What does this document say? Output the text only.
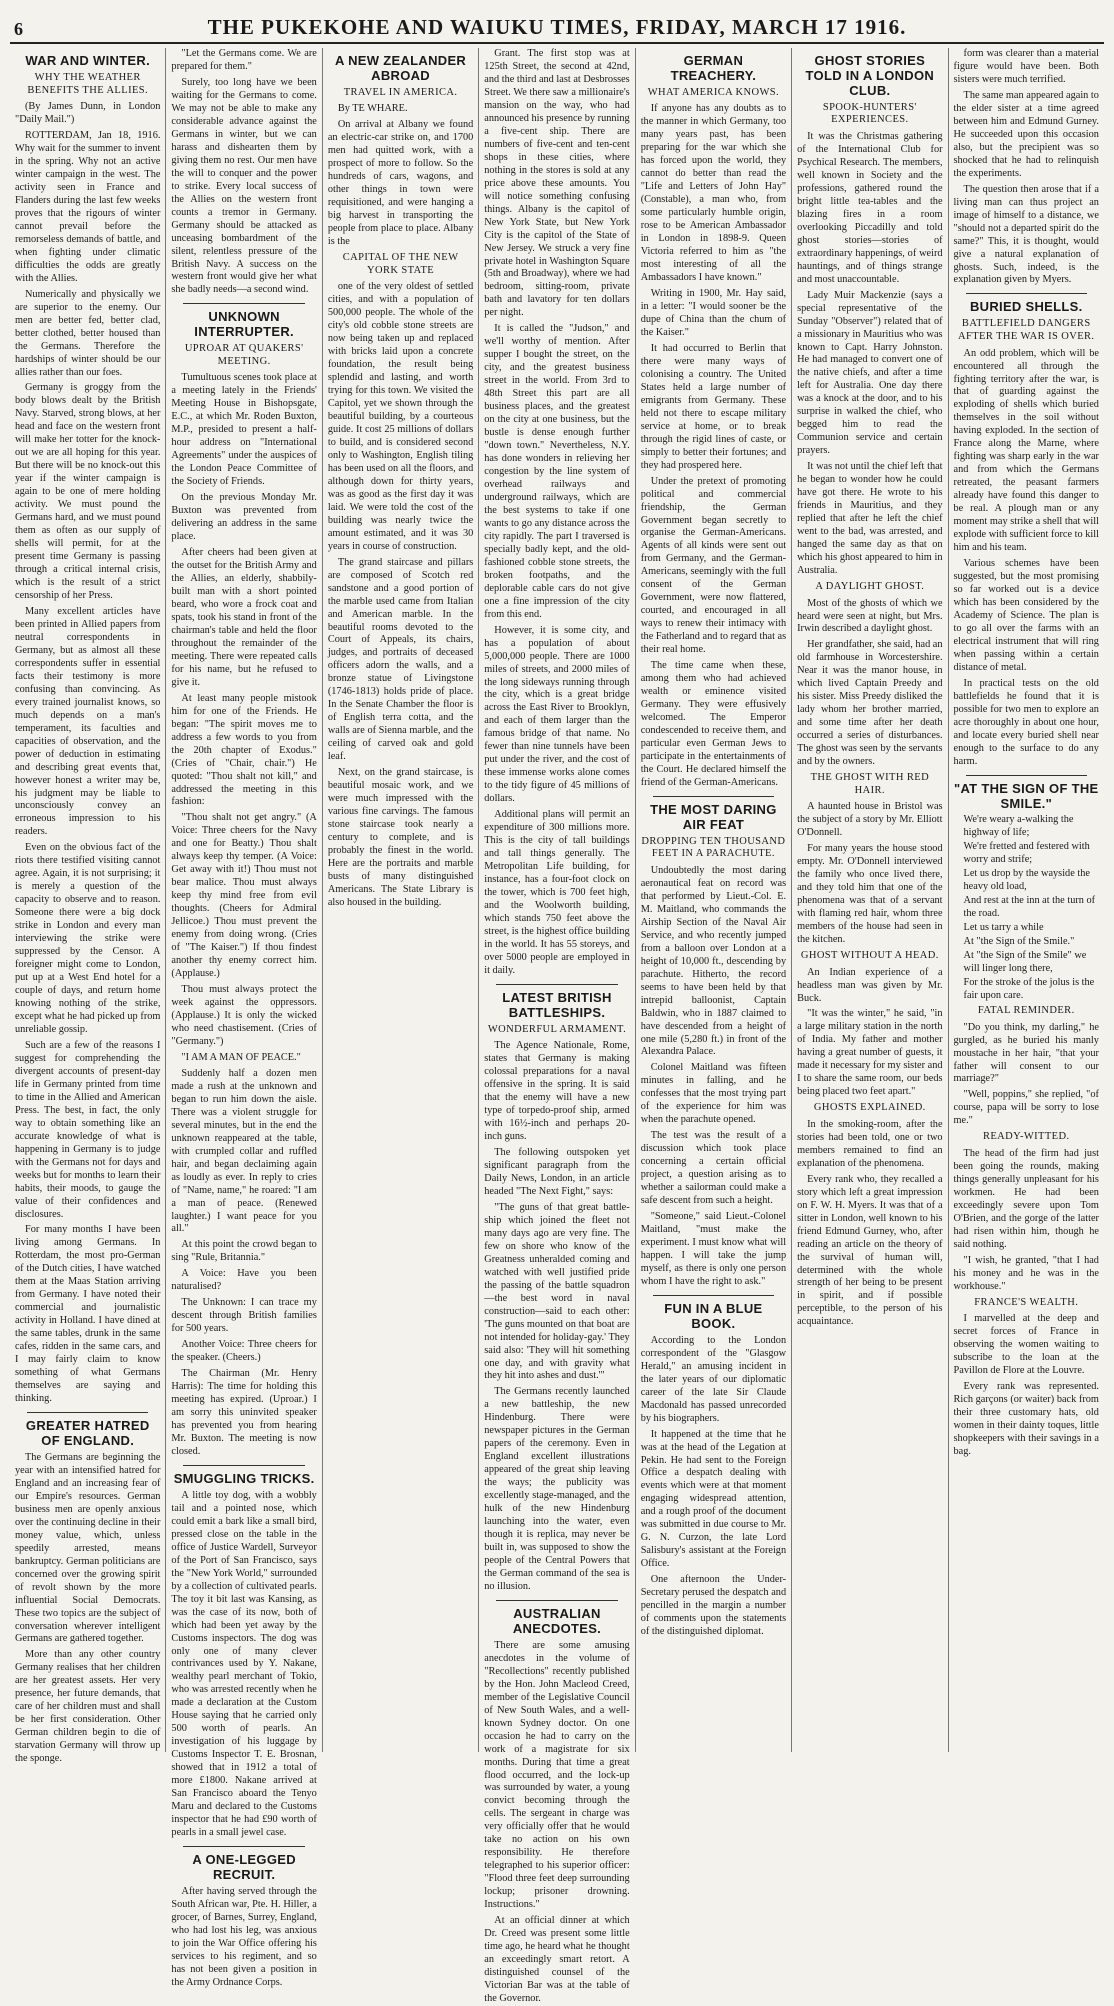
6	THE PUKEKOHE AND WAIUKU TIMES, FRIDAY, MARCH 17 1916.
WAR AND WINTER.
WHY THE WEATHER BENEFITS THE ALLIES.

(By James Dunn, in London "Daily Mail.")

ROTTERDAM, Jan 18, 1916. Why wait for the summer to invent in the spring. Why not an active winter campaign in the west. The activity seen in France and Flanders during the last few weeks proves that the rigours of winter cannot prevail before the remorseless demands of battle, and when fighting under climatic difficulties the odds are greatly with the Allies.

Numerically and physically we are superior to the enemy. Our men are better fed, better clad, better clothed, better housed than the Germans. Therefore the hardships of winter should be our allies rather than our foes.

Germany is groggy from the body blows dealt by the British Navy. Starved, strong blows, at her head and face on the western front will make her totter for the knock-out we are all hoping for this year. But there will be no knock-out this year if the winter campaign is again to be one of mere holding activity. We must pound the Germans hard, and we must pound them as often as our supply of shells will permit, for at the present time Germany is passing through a critical internal crisis, which is the result of a strict censorship of her Press.

Many excellent articles have been printed in Allied papers from neutral correspondents in Germany, but as almost all these correspondents suffer in essential facts their testimony is more confusing than convincing. As every trained journalist knows, so much depends on a man's temperament, its faculties and capacities of observation, and the power of deduction in estimating and describing great events that, however honest a writer may be, his judgment may be liable to unconsciously convey an erroneous impression to his readers.

Even on the obvious fact of the riots there testified visiting cannot agree. Again, it is not surprising; it is merely a question of the capacity to observe and to reason. Someone there were a big dock strike in London and every man interviewing the strike were suppressed by the Censor. A foreigner might come to London, put up at a West End hotel for a couple of days, and return home knowing nothing of the strike, except what he had picked up from unreliable gossip.

Such are a few of the reasons I suggest for comprehending the divergent accounts of present-day life in Germany printed from time to time in the Allied and American Press. The best, in fact, the only way to obtain something like an accurate knowledge of what is happening in Germany is to judge with the Germans not for days and weeks but for months to learn their habits, their moods, to gauge the value of their confidences and disclosures.

For many months I have been living among Germans. In Rotterdam, the most pro-German of the Dutch cities, I have watched them at the Maas Station arriving from Germany. I have noted their commercial and journalistic activity in Holland. I have dined at the same tables, drunk in the same cafes, ridden in the same cars, and I may fairly claim to know something of what Germans themselves are saying and thinking.

GREATER HATRED OF ENGLAND.

The Germans are beginning the year with an intensified hatred for England and an increasing fear of our Empire's resources. German business men are openly anxious over the continuing decline in their money value, which, unless speedily arrested, means bankruptcy. German politicians are concerned over the growing spirit of revolt shown by the more influential Social Democrats. These two topics are the subject of conversation wherever intelligent Germans are gathered together.

More than any other country Germany realises that her children are her greatest assets. Her very presence, her future demands, that care of her children must and shall be her first consideration. Other German children begin to die of starvation Germany will throw up the sponge.

"Let the Germans come. We are prepared for them."

Surely, too long have we been waiting for the Germans to come. We may not be able to make any considerable advance against the Germans in winter, but we can harass and dishearten them by giving them no rest. Our men have the will to conquer and the power to strike. Every local success of the Allies on the western front counts a tremor in Germany. Germany should be attacked as unceasing bombardment of the silent, relentless pressure of the British Navy. A success on the western front would give her what she badly needs—a second wind.

UNKNOWN INTERRUPTER.
UPROAR AT QUAKERS' MEETING.

Tumultuous scenes took place at a meeting lately in the Friends' Meeting House in Bishopsgate, E.C., at which Mr. Roden Buxton, M.P., presided to present a half-hour address on "International Agreements" under the auspices of the London Peace Committee of the Society of Friends.

On the previous Monday Mr. Buxton was prevented from delivering an address in the same place.

After cheers had been given at the outset for the British Army and the Allies, an elderly, shabbily-built man with a short pointed beard, who wore a frock coat and spats, took his stand in front of the chairman's table and held the floor throughout the remainder of the meeting. There were repeated calls for his name, but he refused to give it.

At least many people mistook him for one of the Friends. He began: "The spirit moves me to address a few words to you from the 20th chapter of Exodus." (Cries of "Chair, chair.") He quoted: "Thou shalt not kill," and addressed the meeting in this fashion:

"Thou shalt not get angry." (A Voice: Three cheers for the Navy and one for Beatty.) Thou shalt always keep thy temper. (A Voice: Get away with it!) Thou must not bear malice. Thou must always keep thy mind free from evil thoughts. (Cheers for Admiral Jellicoe.) Thou must prevent the enemy from doing wrong. (Cries of "The Kaiser.") If thou findest another thy enemy correct him. (Applause.)

Thou must always protect the week against the oppressors. (Applause.) It is only the wicked who need chastisement. (Cries of "Germany.")

"I AM A MAN OF PEACE."

Suddenly half a dozen men made a rush at the unknown and began to run him down the aisle. There was a violent struggle for several minutes, but in the end the unknown reappeared at the table, with crumpled collar and ruffled hair, and began declaiming again as loudly as ever. In reply to cries of "Name, name," he roared: "I am a man of peace. (Renewed laughter.) I want peace for you all."

At this point the crowd began to sing "Rule, Britannia."

A Voice: Have you been naturalised?

The Unknown: I can trace my descent through British families for 500 years.

Another Voice: Three cheers for the speaker. (Cheers.)

The Chairman (Mr. Henry Harris): The time for holding this meeting has expired. (Uproar.) I am sorry this uninvited speaker has prevented you from hearing Mr. Buxton. The meeting is now closed.

SMUGGLING TRICKS.

A little toy dog, with a wobbly tail and a pointed nose, which could emit a bark like a small bird, pressed close on the table in the office of Justice Wardell, Surveyor of the Port of San Francisco, says the "New York World," surrounded by a collection of cultivated pearls. The toy it bit last was Kansing, as was the case of its now, both of which had been yet away by the Customs inspectors. The dog was only one of many clever contrivances used by Y. Nakane, wealthy pearl merchant of Tokio, who was arrested recently when he made a declaration at the Custom House saying that he carried only 500 worth of pearls. An investigation of his luggage by Customs Inspector T. E. Brosnan, showed that in 1912 a total of more £1800. Nakane arrived at San Francisco aboard the Tenyo Maru and declared to the Customs inspector that he had £90 worth of pearls in a small jewel case.

A ONE-LEGGED RECRUIT.

After having served through the South African war, Pte. H. Hiller, a grocer, of Barnes, Surrey, England, who had lost his leg, was anxious to join the War Office offering his services to his regiment, and so has not been given a position in the Army Ordnance Corps.

A NEW ZEALANDER ABROAD
TRAVEL IN AMERICA.

By TE WHARE.

On arrival at Albany we found an electric-car strike on, and 1700 men had quitted work, with a prospect of more to follow. So the hundreds of cars, wagons, and other things in town were requisitioned, and were hanging a big harvest in transporting the people from place to place. Albany is the

CAPITAL OF THE NEW YORK STATE

one of the very oldest of settled cities, and with a population of 500,000 people. The whole of the city's old cobble stone streets are now being taken up and replaced with bricks laid upon a concrete foundation, the result being splendid and lasting, and worth trying for this town. We visited the Capitol, yet we shown through the beautiful building, by a courteous guide. It cost 25 millions of dollars to build, and is considered second only to Washington, English tiling has been used on all the floors, and although down for thirty years, was as good as the first day it was laid. We were told the cost of the building was nearly twice the amount estimated, and it was 30 years in course of construction.

The grand staircase and pillars are composed of Scotch red sandstone and a good portion of the marble used came from Italian and American marble. In the beautiful rooms devoted to the Court of Appeals, its chairs, judges, and portraits of deceased officers adorn the walls, and a bronze statue of Livingstone (1746-1813) holds pride of place. In the Senate Chamber the floor is of English terra cotta, and the walls are of Sienna marble, and the ceiling of carved oak and gold leaf.

Next, on the grand staircase, is beautiful mosaic work, and we were much impressed with the various fine carvings. The famous stone staircase took nearly a century to complete, and is probably the finest in the world. Here are the portraits and marble busts of many distinguished Americans. The State Library is also housed in the building.

Grant. The first stop was at 125th Street, the second at 42nd, and the third and last at Desbrosses Street. We there saw a millionaire's mansion on the way, who had announced his presence by running a five-cent ship. There are numbers of five-cent and ten-cent shops in these cities, where nothing in the stores is sold at any price above these amounts. You will notice something confusing things. Albany is the capitol of New York State, but New York City is the capitol of the State of New Jersey. We struck a very fine private hotel in Washington Square (5th and Broadway), where we had bedroom, sitting-room, private bath and lavatory for ten dollars per night.

It is called the "Judson," and we'll worthy of mention. After supper I bought the street, on the city, and the greatest business street in the world. From 3rd to 48th Street this part are all business places, and the greatest on the city at one business, but the bustle is dense enough further "down town." Nevertheless, N.Y. has done wonders in relieving her congestion by the line system of overhead railways and underground railways, which are the best systems to take if one wants to go any distance across the city rapidly. The part I traversed is specially badly kept, and the old-fashioned cobble stone streets, the broken footpaths, and the deplorable cable cars do not give one a fine impression of the city from this end.

However, it is some city, and has a population of about 5,000,000 people. There are 1000 miles of streets, and 2000 miles of the long sideways running through the city, which is a great bridge across the East River to Brooklyn, and each of them larger than the famous bridge of that name. No fewer than nine tunnels have been put under the river, and the cost of these immense works alone comes to the tidy figure of 45 millions of dollars.

Additional plans will permit an expenditure of 300 millions more. This is the city of tall buildings and tall things generally. The Metropolitan Life building, for instance, has a four-foot clock on the tower, which is 700 feet high, and the Woolworth building, which stands 750 feet above the street, is the highest office building in the world. It has 55 storeys, and over 5000 people are employed in it daily.

LATEST BRITISH BATTLESHIPS.
WONDERFUL ARMAMENT.

The Agence Nationale, Rome, states that Germany is making colossal preparations for a naval offensive in the spring. It is said that the enemy will have a new type of torpedo-proof ship, armed with 16½-inch and perhaps 20-inch guns.

The following outspoken yet significant paragraph from the Daily News, London, in an article headed "The Next Fight," says:

"The guns of that great battle-ship which joined the fleet not many days ago are very fine. The few on shore who know of the Greatness unheralded coming and watched with well justified pride the passing of the battle squadron—the best word in naval construction—said to each other: 'The guns mounted on that boat are not intended for holiday-gay.' They said also: 'They will hit something one day, and with gravity what they hit into ashes and dust.'"

The Germans recently launched a new battleship, the new Hindenburg. There were newspaper pictures in the German papers of the ceremony. Even in England excellent illustrations appeared of the great ship leaving the ways; the publicity was excellently stage-managed, and the hulk of the new Hindenburg launching into the water, even though it is replica, may never be built in, was supposed to show the people of the Central Powers that the German command of the sea is no illusion.

AUSTRALIAN ANECDOTES.

There are some amusing anecdotes in the volume of "Recollections" recently published by the Hon. John Macleod Creed, member of the Legislative Council of New South Wales, and a well-known Sydney doctor. On one occasion he had to carry on the work of a magistrate for six months. During that time a great flood occurred, and the lock-up was surrounded by water, a young convict becoming through the cells. The sergeant in charge was very officially offer that he would take no action on his own responsibility. He therefore telegraphed to his superior officer: "Flood three feet deep surrounding lockup; prisoner drowning. Instructions."

At an official dinner at which Dr. Creed was present some little time ago, he heard what he thought an exceedingly smart retort. A distinguished counsel of the Victorian Bar was at the table of the Governor.

GERMAN TREACHERY.
WHAT AMERICA KNOWS.

If anyone has any doubts as to the manner in which Germany, too many years past, has been preparing for the war which she has forced upon the world, they cannot do better than read the "Life and Letters of John Hay" (Constable), a man who, from some particularly humble origin, rose to be American Ambassador in London in 1898-9. Queen Victoria referred to him as "the most interesting of all the Ambassadors I have known."

Writing in 1900, Mr. Hay said, in a letter: "I would sooner be the dupe of China than the chum of the Kaiser."

It had occurred to Berlin that there were many ways of colonising a country. The United States held a large number of emigrants from Germany. These held not there to escape military service at home, or to break through the rigid lines of caste, or simply to better their fortunes; and they had prospered here.

Under the pretext of promoting political and commercial friendship, the German Government began secretly to organise the German-Americans. Agents of all kinds were sent out from Germany, and the German-Americans, seemingly with the full consent of the German Government, were now flattered, courted, and encouraged in all ways to renew their intimacy with the Fatherland and to regard that as their real home.

The time came when these, among them who had achieved wealth or eminence visited Germany. They were effusively welcomed. The Emperor condescended to receive them, and particular even German Jews to participate in the entertainments of the Court. He declared himself the friend of the German-Americans.

THE MOST DARING AIR FEAT
DROPPING TEN THOUSAND FEET IN A PARACHUTE.

Undoubtedly the most daring aeronautical feat on record was that performed by Lieut.-Col. E. M. Maitland, who commands the Airship Section of the Naval Air Service, and who recently jumped from a balloon over London at a height of 10,000 ft., descending by parachute. Hitherto, the record seems to have been held by that intrepid balloonist, Captain Baldwin, who in 1887 claimed to have descended from a height of one mile (5,280 ft.) in front of the Alexandra Palace.

Colonel Maitland was fifteen minutes in falling, and he confesses that the most trying part of the experience for him was when the parachute opened.

The test was the result of a discussion which took place concerning a certain official project, a question arising as to whether a sailorman could make a safe descent from such a height.

"Someone," said Lieut.-Colonel Maitland, "must make the experiment. I must know what will happen. I will take the jump myself, as there is only one person whom I have the right to ask."

FUN IN A BLUE BOOK.

According to the London correspondent of the "Glasgow Herald," an amusing incident in the later years of our diplomatic career of the late Sir Claude Macdonald has passed unrecorded by his biographers.

It happened at the time that he was at the head of the Legation at Pekin. He had sent to the Foreign Office a despatch dealing with events which were at that moment engaging widespread attention, and a rough proof of the document was submitted in due course to Mr. G. N. Curzon, the late Lord Salisbury's assistant at the Foreign Office.

One afternoon the Under-Secretary perused the despatch and pencilled in the margin a number of comments upon the statements of the distinguished diplomat.

GHOST STORIES TOLD IN A LONDON CLUB.
SPOOK-HUNTERS' EXPERIENCES.

It was the Christmas gathering of the International Club for Psychical Research. The members, well known in Society and the professions, gathered round the bright little tea-tables and the blazing fires in a room overlooking Piccadilly and told ghost stories—stories of extraordinary happenings, of weird hauntings, and of things strange and most unaccountable.

Lady Muir Mackenzie (says a special representative of the Sunday "Observer") related that of a missionary in Mauritius who was known to Capt. Harry Johnston. He had managed to convert one of the native chiefs, and after a time left for Australia. One day there was a knock at the door, and to his surprise in walked the chief, who begged him to read the Communion service and certain prayers.

It was not until the chief left that he began to wonder how he could have got there. He wrote to his friends in Mauritius, and they replied that after he left the chief went to the bad, was arrested, and hanged the same day as that on which his ghost appeared to him in Australia.

A DAYLIGHT GHOST.

Most of the ghosts of which we heard were seen at night, but Mrs. Irwin described a daylight ghost.

Her grandfather, she said, had an old farmhouse in Worcestershire. Near it was the manor house, in which lived Captain Preedy and his sister. Miss Preedy disliked the lady whom her brother married, and some time after her death occurred a series of disturbances. The ghost was seen by the servants and by the owners.

THE GHOST WITH RED HAIR.

A haunted house in Bristol was the subject of a story by Mr. Elliott O'Donnell.

For many years the house stood empty. Mr. O'Donnell interviewed the family who once lived there, and they told him that one of the phenomena was that of a servant with flaming red hair, whom three members of the house had seen in the kitchen.

GHOST WITHOUT A HEAD.

An Indian experience of a headless man was given by Mr. Buck.

"It was the winter," he said, "in a large military station in the north of India. My father and mother having a great number of guests, it made it necessary for my sister and I to share the same room, our beds being placed two feet apart."

GHOSTS EXPLAINED.

In the smoking-room, after the stories had been told, one or two members remained to find an explanation of the phenomena.

Every rank who, they recalled a story which left a great impression on F. W. H. Myers. It was that of a sitter in London, well known to his friend Edmund Gurney, who, after reading an article on the theory of the survival of human will, determined with the whole strength of her being to be present in spirit, and if possible perceptible, to the person of his acquaintance.

form was clearer than a material figure would have been. Both sisters were much terrified.

The same man appeared again to the elder sister at a time agreed between him and Edmund Gurney. He succeeded upon this occasion also, but the precipient was so shocked that he had to relinquish the experiments.

The question then arose that if a living man can thus project an image of himself to a distance, we "should not a departed spirit do the same?" This, it is thought, would give a natural explanation of ghosts. Such, indeed, is the explanation given by Myers.

BURIED SHELLS.
BATTLEFIELD DANGERS AFTER THE WAR IS OVER.

An odd problem, which will be encountered all through the fighting territory after the war, is that of guarding against the exploding of shells which buried themselves in the soil without having exploded. In the section of France along the Marne, where fighting was sharp early in the war and from which the Germans retreated, the peasant farmers already have found this danger to be real. A plough man or any moment may strike a shell that will explode with sufficient force to kill him and his team.

Various schemes have been suggested, but the most promising so far worked out is a device which has been considered by the Academy of Science. The plan is to go all over the farms with an electrical instrument that will ring when passing within a certain distance of metal.

In practical tests on the old battlefields he found that it is possible for two men to explore an acre thoroughly in about one hour, and locate every buried shell near enough to the surface to do any harm.

"AT THE SIGN OF THE SMILE."

We're weary a-walking the highway of life;

We're fretted and festered with worry and strife;

Let us drop by the wayside the heavy old load,

And rest at the inn at the turn of the road.

Let us tarry a while

At "the Sign of the Smile."

At "the Sign of the Smile" we will linger long there,

For the stroke of the jolus is the fair upon care.

FATAL REMINDER.

"Do you think, my darling," he gurgled, as he buried his manly moustache in her hair, "that your father will consent to our marriage?"

"Well, poppins," she replied, "of course, papa will be sorry to lose me."

READY-WITTED.

The head of the firm had just been going the rounds, making things generally unpleasant for his workmen. He had been exceedingly severe upon Tom O'Brien, and the gorge of the latter had risen within him, though he said nothing.

"I wish, he granted, "that I had his money and he was in the workhouse."

FRANCE'S WEALTH.

I marvelled at the deep and secret forces of France in observing the women waiting to subscribe to the loan at the Pavillon de Flore at the Louvre.

Every rank was represented. Rich garçons (or waiter) back from their three customary hats, old women in their dainty toques, little shopkeepers with their savings in a bag.
